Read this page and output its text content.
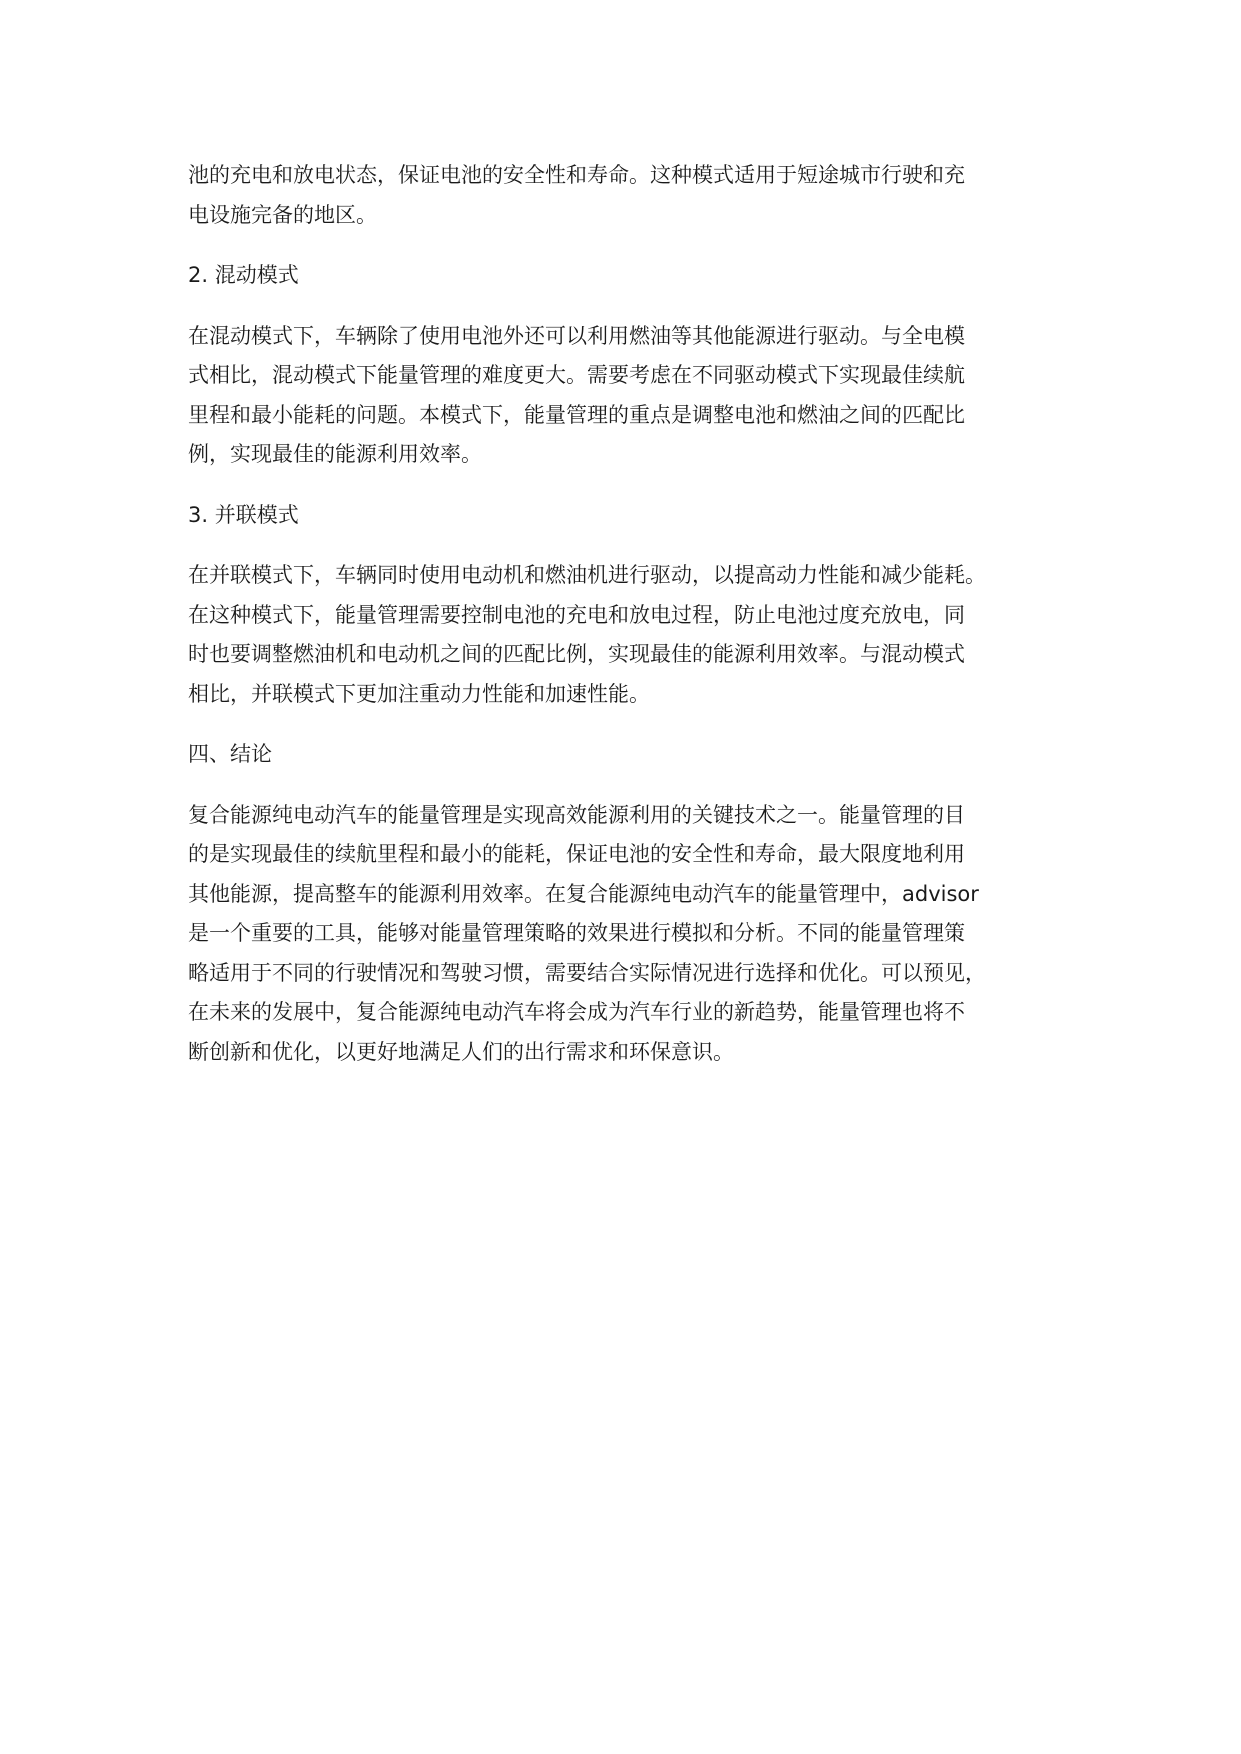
池的充电和放电状态，保证电池的安全性和寿命。这种模式适用于短途城市行驶和充
电设施完备的地区。
2. 混动模式
在混动模式下，车辆除了使用电池外还可以利用燃油等其他能源进行驱动。与全电模
式相比，混动模式下能量管理的难度更大。需要考虑在不同驱动模式下实现最佳续航
里程和最小能耗的问题。本模式下，能量管理的重点是调整电池和燃油之间的匹配比
例，实现最佳的能源利用效率。
3. 并联模式
在并联模式下，车辆同时使用电动机和燃油机进行驱动，以提高动力性能和减少能耗。
在这种模式下，能量管理需要控制电池的充电和放电过程，防止电池过度充放电，同
时也要调整燃油机和电动机之间的匹配比例，实现最佳的能源利用效率。与混动模式
相比，并联模式下更加注重动力性能和加速性能。
四、结论
复合能源纯电动汽车的能量管理是实现高效能源利用的关键技术之一。能量管理的目
的是实现最佳的续航里程和最小的能耗，保证电池的安全性和寿命，最大限度地利用
其他能源，提高整车的能源利用效率。在复合能源纯电动汽车的能量管理中，advisor
是一个重要的工具，能够对能量管理策略的效果进行模拟和分析。不同的能量管理策
略适用于不同的行驶情况和驾驶习惯，需要结合实际情况进行选择和优化。可以预见，
在未来的发展中，复合能源纯电动汽车将会成为汽车行业的新趋势，能量管理也将不
断创新和优化，以更好地满足人们的出行需求和环保意识。
